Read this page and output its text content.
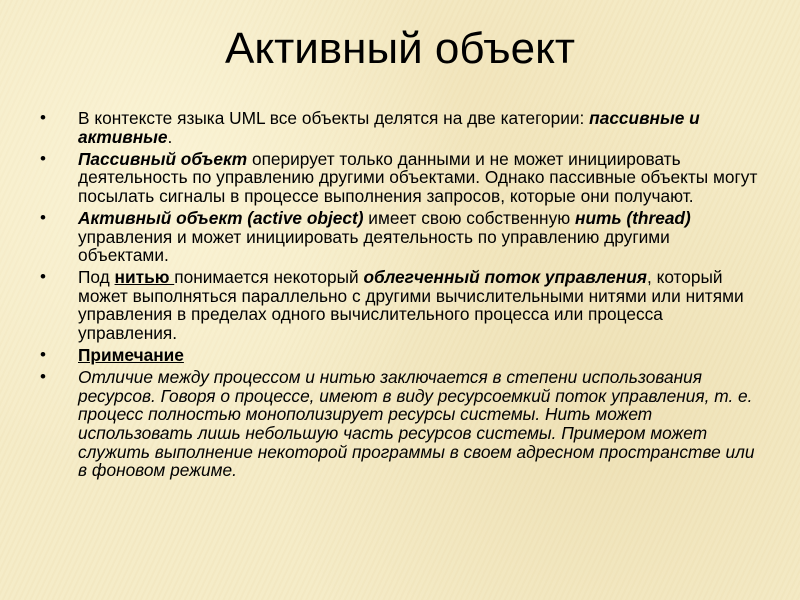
Активный объект
• В контексте языка UML все объекты делятся на две категории: пассивные и активные.
• Пассивный объект оперирует только данными и не может инициировать деятельность по управлению другими объектами. Однако пассивные объекты могут посылать сигналы в процессе выполнения запросов, которые они получают.
• Активный объект (active object) имеет свою собственную нить (thread) управления и может инициировать деятельность по управлению другими объектами.
• Под нитью понимается некоторый облегченный поток управления, который может выполняться параллельно с другими вычислительными нитями или нитями управления в пределах одного вычислительного процесса или процесса управления.
• Примечание
• Отличие между процессом и нитью заключается в степени использования ресурсов. Говоря о процессе, имеют в виду ресурсоемкий поток управления, т. е. процесс полностью монополизирует ресурсы системы. Нить может использовать лишь небольшую часть ресурсов системы. Примером может служить выполнение некоторой программы в своем адресном пространстве или в фоновом режиме.
